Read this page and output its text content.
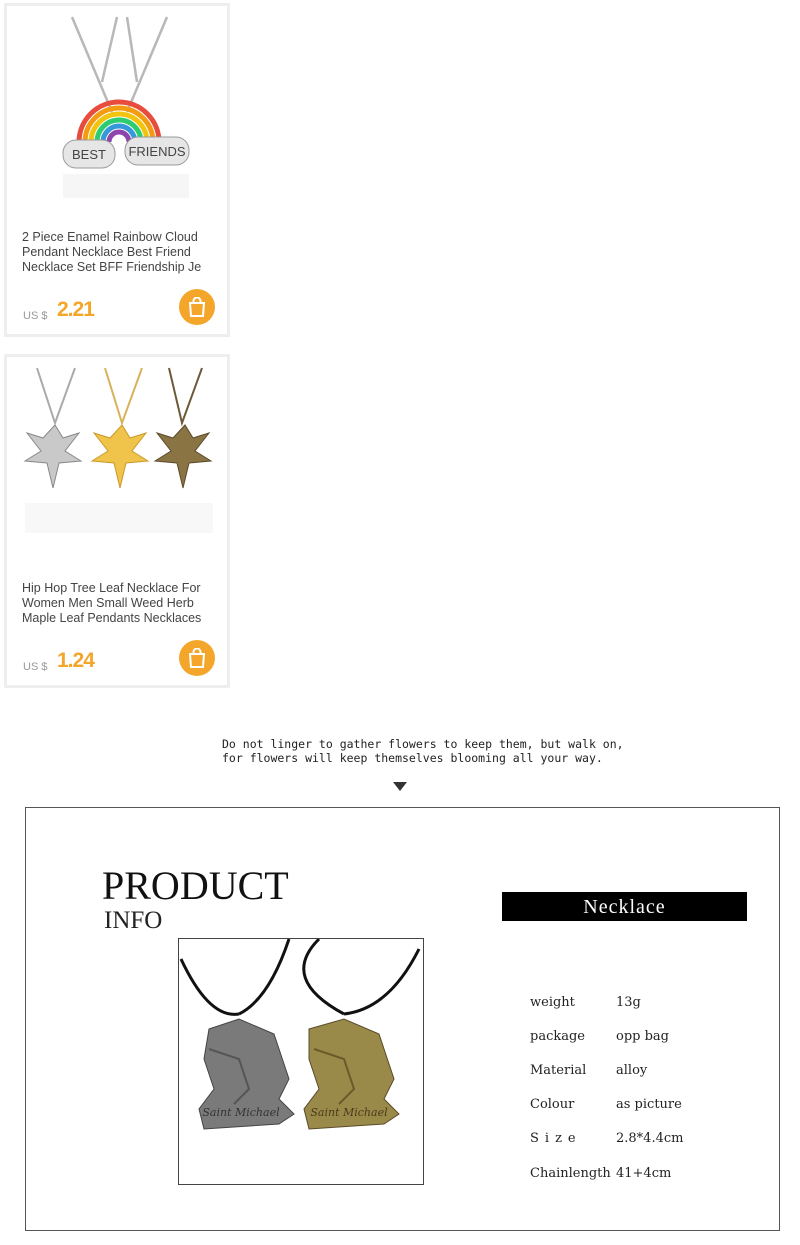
BEST FRIENDS
2 Piece Enamel Rainbow Cloud Pendant Necklace Best Friend Necklace Set BFF Friendship Je
US $ 2.21
Hip Hop Tree Leaf Necklace For Women Men Small Weed Herb Maple Leaf Pendants Necklaces
US $ 1.24
Do not linger to gather flowers to keep them, but walk on,
for flowers will keep themselves blooming all your way.
PRODUCT
INFO
Saint Michael	Saint Michael
Necklace
weight	13g
package opp bag
Material alloy
Colour	as picture
Size	2.8*4.4cm
Chainlength 41+4cm
